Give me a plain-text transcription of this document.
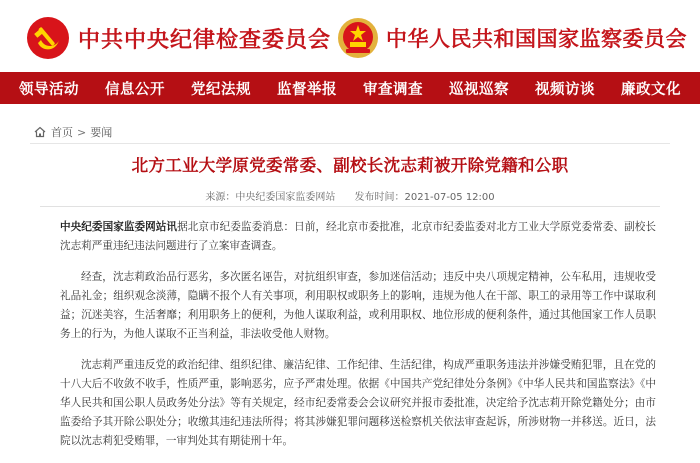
中共中央纪律检查委员会	中华人民共和国国家监察委员会
领导活动 信息公开 党纪法规 监督举报 审查调查 巡视巡察 视频访谈 廉政文化
首页 > 要闻
北方工业大学原党委常委、副校长沈志莉被开除党籍和公职
来源：中央纪委国家监委网站 发布时间：2021-07-05 12:00

中央纪委国家监委网站讯据北京市纪委监委消息：日前，经北京市委批准，北京市纪委监委对北方工业大学原党委常委、副校长沈志莉严重违纪违法问题进行了立案审查调查。

经查，沈志莉政治品行恶劣，多次匿名诬告，对抗组织审查，参加迷信活动；违反中央八项规定精神，公车私用，违规收受礼品礼金；组织观念淡薄，隐瞒不报个人有关事项，利用职权或职务上的影响，违规为他人在干部、职工的录用等工作中谋取利益；沉迷美容，生活奢靡；利用职务上的便利，为他人谋取利益，或利用职权、地位形成的便利条件，通过其他国家工作人员职务上的行为，为他人谋取不正当利益，非法收受他人财物。

沈志莉严重违反党的政治纪律、组织纪律、廉洁纪律、工作纪律、生活纪律，构成严重职务违法并涉嫌受贿犯罪，且在党的十八大后不收敛不收手，性质严重，影响恶劣，应予严肃处理。依据《中国共产党纪律处分条例》《中华人民共和国监察法》《中华人民共和国公职人员政务处分法》等有关规定，经市纪委常委会会议研究并报市委批准，决定给予沈志莉开除党籍处分；由市监委给予其开除公职处分；收缴其违纪违法所得；将其涉嫌犯罪问题移送检察机关依法审查起诉，所涉财物一并移送。近日，法院以沈志莉犯受贿罪，一审判处其有期徒刑十年。
